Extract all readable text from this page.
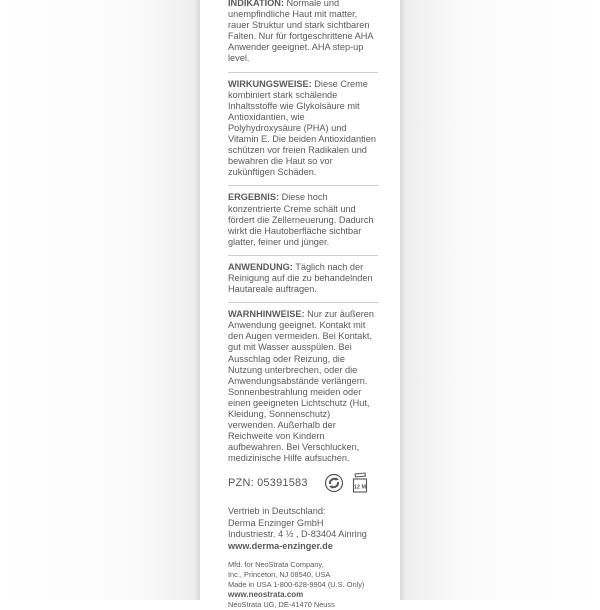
INDIKATION: Normale und unempfindliche Haut mit matter, rauer Struktur und stark sichtbaren Falten. Nur für fortgeschrittene AHA Anwender geeignet. AHA step-up level.

WIRKUNGSWEISE: Diese Creme kombiniert stark schälende Inhaltsstoffe wie Glykolsäure mit Antioxidantien, wie Polyhydroxysäure (PHA) und Vitamin E. Die beiden Antioxidantien schützen vor freien Radikalen und bewahren die Haut so vor zukünftigen Schäden.

ERGEBNIS: Diese hoch konzentrierte Creme schält und fördert die Zellerneuerung. Dadurch wirkt die Hautoberfläche sichtbar glatter, feiner und jünger.

ANWENDUNG: Täglich nach der Reinigung auf die zu behandelnden Hautareale auftragen.

WARNHINWEISE: Nur zur äußeren Anwendung geeignet. Kontakt mit den Augen vermeiden. Bei Kontakt, gut mit Wasser ausspülen. Bei Ausschlag oder Reizung, die Nutzung unterbrechen, oder die Anwendungsabstände verlängern. Sonnenbestrahlung meiden oder einen geeigneten Lichtschutz (Hut, Kleidung, Sonnenschutz) verwenden. Außerhalb der Reichweite von Kindern aufbewahren. Bei Verschlucken, medizinische Hilfe aufsuchen.

PZN: 05391583	12 M
Vertrieb in Deutschland:
Derma Enzinger GmbH
Industriestr. 4 ½ , D-83404 Ainring
www.derma-enzinger.de
Mfd. for NeoStrata Company,
Inc., Princeton, NJ 08540, USA
Made in USA 1-800-628-9904 (U.S. Only)
www.neostrata.com
NeoStrata UG, DE-41470 Neuss
